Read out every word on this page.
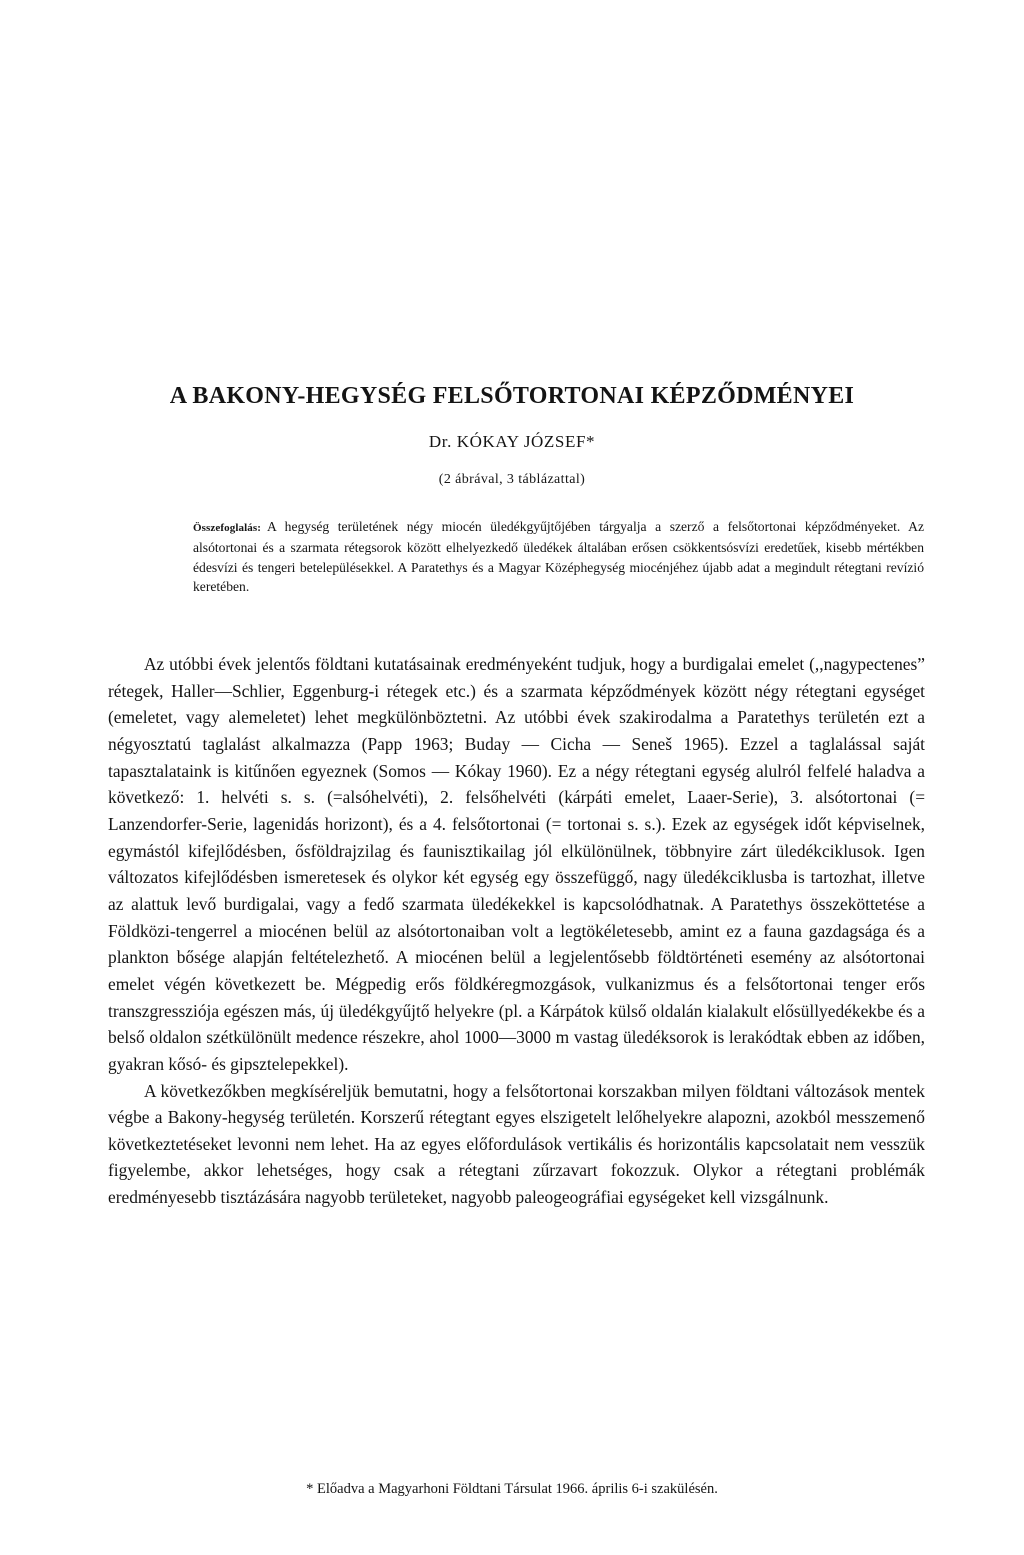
A BAKONY-HEGYSÉG FELSŐTORTONAI KÉPZŐDMÉNYEI
Dr. KÓKAY JÓZSEF*
(2 ábrával, 3 táblázattal)

Összefoglalás: A hegység területének négy miocén üledékgyűjtőjében tárgyalja a szerző a felsőtortonai képződményeket. Az alsótortonai és a szarmata rétegsorok között elhelyezkedő üledékek általában erősen csökkentsósvízi eredetűek, kisebb mértékben édesvízi és tengeri betelepülésekkel. A Paratethys és a Magyar Középhegység miocénjéhez újabb adat a megindult rétegtani revízió keretében.

Az utóbbi évek jelentős földtani kutatásainak eredményeként tudjuk, hogy a burdigalai emelet (,,nagypectenes” rétegek, Haller—Schlier, Eggenburg-i rétegek etc.) és a szarmata képződmények között négy rétegtani egységet (emeletet, vagy alemeletet) lehet megkülönböztetni. Az utóbbi évek szakirodalma a Paratethys területén ezt a négyosztatú taglalást alkalmazza (Papp 1963; Buday — Cicha — Seneš 1965). Ezzel a taglalással saját tapasztalataink is kitűnően egyeznek (Somos — Kókay 1960). Ez a négy rétegtani egység alulról felfelé haladva a következő: 1. helvéti s. s. (=alsóhelvéti), 2. felsőhelvéti (kárpáti emelet, Laaer-Serie), 3. alsótortonai (= Lanzendorfer-Serie, lagenidás horizont), és a 4. felsőtortonai (= tortonai s. s.). Ezek az egységek időt képviselnek, egymástól kifejlődésben, ősföldrajzilag és faunisztikailag jól elkülönülnek, többnyire zárt üledékciklusok. Igen változatos kifejlődésben ismeretesek és olykor két egység egy összefüggő, nagy üledékciklusba is tartozhat, illetve az alattuk levő burdigalai, vagy a fedő szarmata üledékekkel is kapcsolódhatnak. A Paratethys összeköttetése a Földközi-tengerrel a miocénen belül az alsótortonaiban volt a legtökéletesebb, amint ez a fauna gazdagsága és a plankton bősége alapján feltételezhető. A miocénen belül a legjelentősebb földtörténeti esemény az alsótortonai emelet végén következett be. Mégpedig erős földkéregmozgások, vulkanizmus és a felsőtortonai tenger erős transzgressziója egészen más, új üledékgyűjtő helyekre (pl. a Kárpátok külső oldalán kialakult elősüllyedékekbe és a belső oldalon szétkülönült medence részekre, ahol 1000—3000 m vastag üledéksorok is lerakódtak ebben az időben, gyakran kősó- és gipsztelepekkel).

A következőkben megkíséreljük bemutatni, hogy a felsőtortonai korszakban milyen földtani változások mentek végbe a Bakony-hegység területén. Korszerű rétegtant egyes elszigetelt lelőhelyekre alapozni, azokból messzemenő következtetéseket levonni nem lehet. Ha az egyes előfordulások vertikális és horizontális kapcsolatait nem vesszük figyelembe, akkor lehetséges, hogy csak a rétegtani zűrzavart fokozzuk. Olykor a rétegtani problémák eredményesebb tisztázására nagyobb területeket, nagyobb paleogeográfiai egységeket kell vizsgálnunk.

* Előadva a Magyarhoni Földtani Társulat 1966. április 6-i szakülésén.
